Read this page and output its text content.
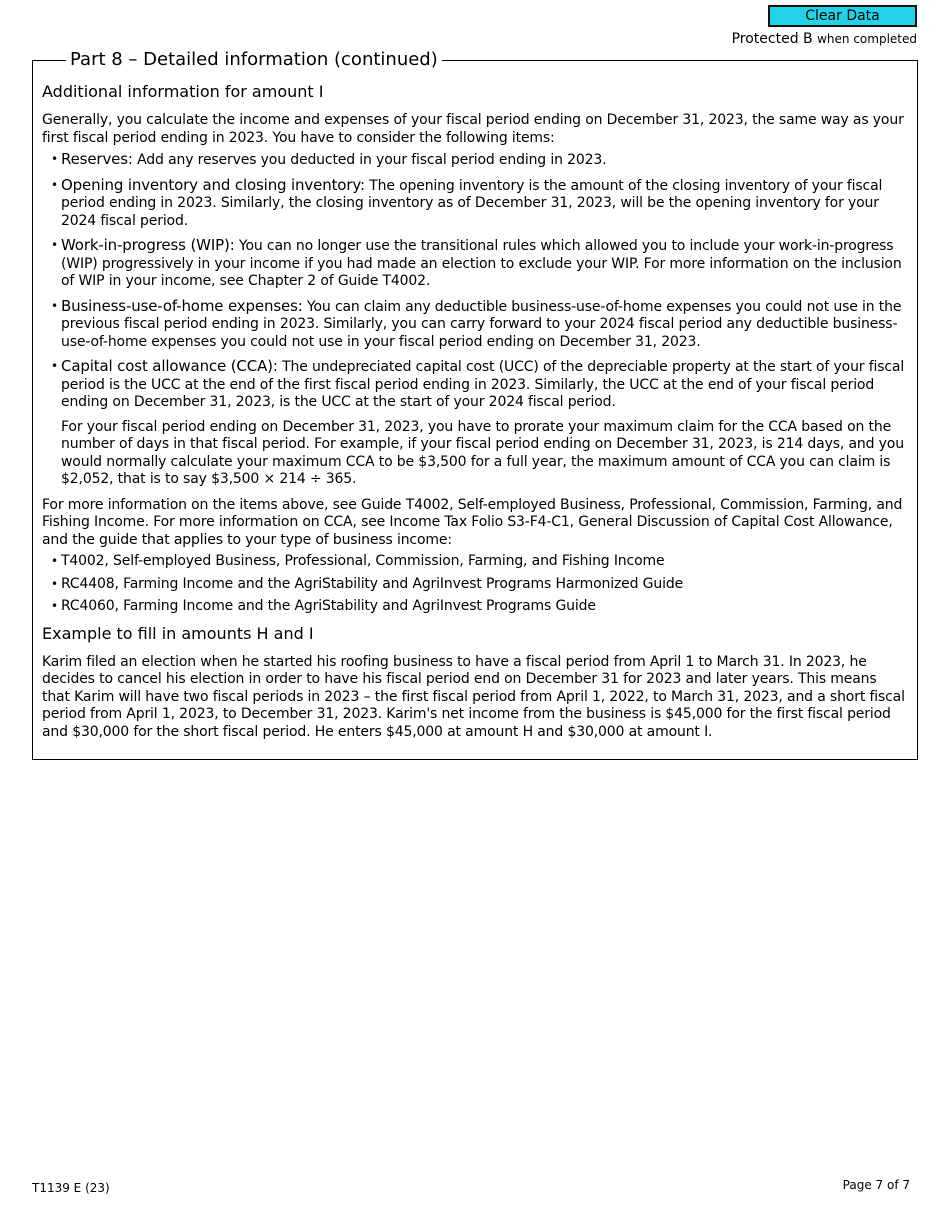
Clear Data
Protected B when completed
Part 8 – Detailed information (continued)
Additional information for amount I

Generally, you calculate the income and expenses of your fiscal period ending on December 31, 2023, the same way as your first fiscal period ending in 2023. You have to consider the following items:

• Reserves: Add any reserves you deducted in your fiscal period ending in 2023.
• Opening inventory and closing inventory: The opening inventory is the amount of the closing inventory of your fiscal period ending in 2023. Similarly, the closing inventory as of December 31, 2023, will be the opening inventory for your 2024 fiscal period.
• Work-in-progress (WIP): You can no longer use the transitional rules which allowed you to include your work-in-progress (WIP) progressively in your income if you had made an election to exclude your WIP. For more information on the inclusion of WIP in your income, see Chapter 2 of Guide T4002.
• Business-use-of-home expenses: You can claim any deductible business-use-of-home expenses you could not use in the previous fiscal period ending in 2023. Similarly, you can carry forward to your 2024 fiscal period any deductible business-use-of-home expenses you could not use in your fiscal period ending on December 31, 2023.
• Capital cost allowance (CCA): The undepreciated capital cost (UCC) of the depreciable property at the start of your fiscal period is the UCC at the end of the first fiscal period ending in 2023. Similarly, the UCC at the end of your fiscal period ending on December 31, 2023, is the UCC at the start of your 2024 fiscal period.
For your fiscal period ending on December 31, 2023, you have to prorate your maximum claim for the CCA based on the number of days in that fiscal period. For example, if your fiscal period ending on December 31, 2023, is 214 days, and you would normally calculate your maximum CCA to be $3,500 for a full year, the maximum amount of CCA you can claim is $2,052, that is to say $3,500 × 214 ÷ 365.

For more information on the items above, see Guide T4002, Self-employed Business, Professional, Commission, Farming, and Fishing Income. For more information on CCA, see Income Tax Folio S3-F4-C1, General Discussion of Capital Cost Allowance, and the guide that applies to your type of business income:

• T4002, Self-employed Business, Professional, Commission, Farming, and Fishing Income
• RC4408, Farming Income and the AgriStability and AgriInvest Programs Harmonized Guide
• RC4060, Farming Income and the AgriStability and AgriInvest Programs Guide
Example to fill in amounts H and I

Karim filed an election when he started his roofing business to have a fiscal period from April 1 to March 31. In 2023, he decides to cancel his election in order to have his fiscal period end on December 31 for 2023 and later years. This means that Karim will have two fiscal periods in 2023 – the first fiscal period from April 1, 2022, to March 31, 2023, and a short fiscal period from April 1, 2023, to December 31, 2023. Karim's net income from the business is $45,000 for the first fiscal period and $30,000 for the short fiscal period. He enters $45,000 at amount H and $30,000 at amount I.

T1139 E (23)	Page 7 of 7
